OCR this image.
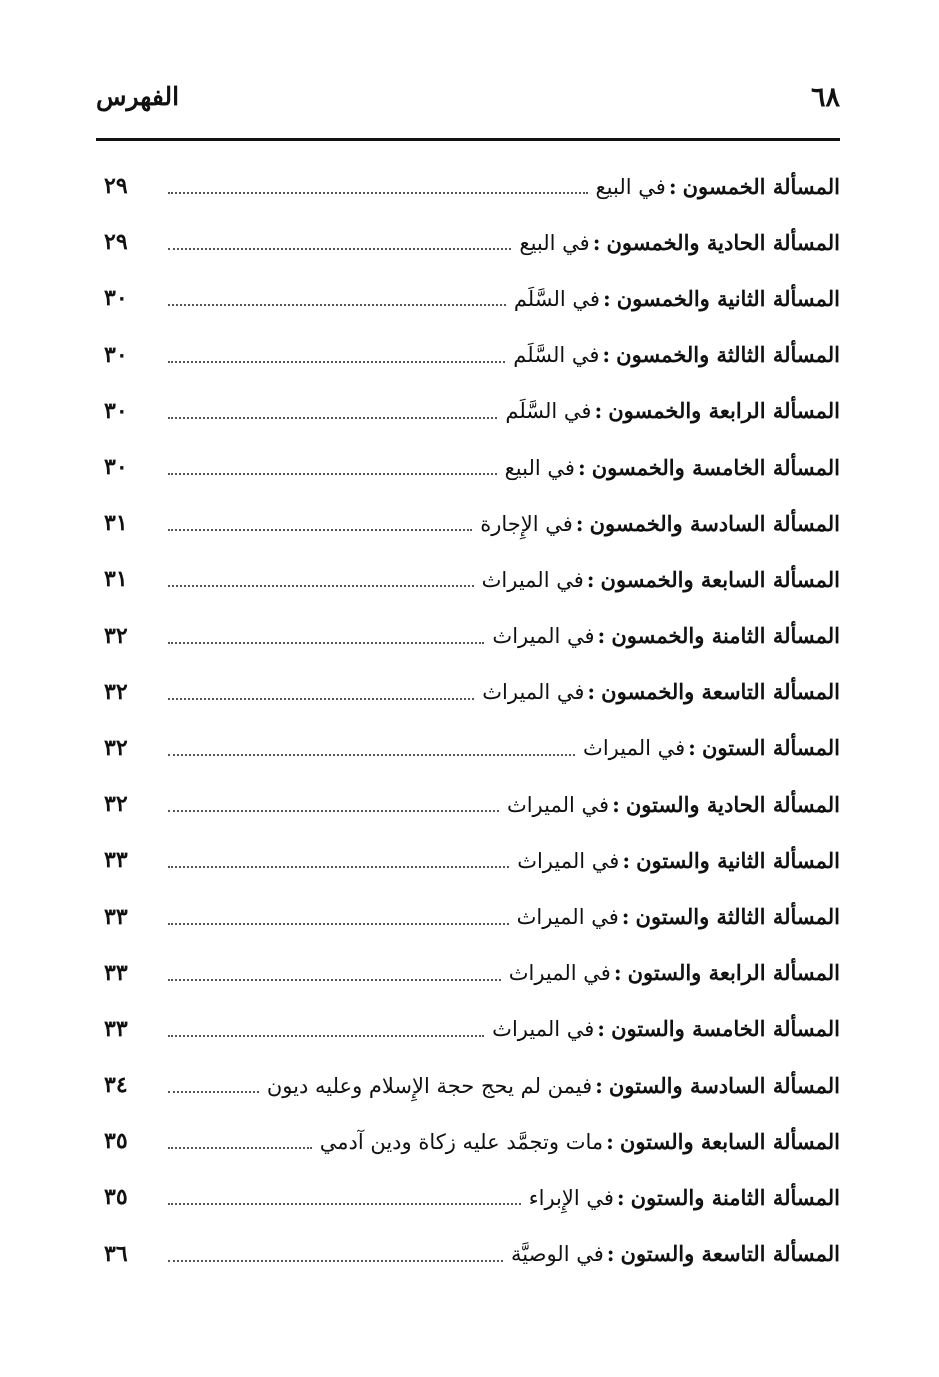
الفهرس	٦٨
المسألة الخمسون:في البيع
٢٩
المسألة الحادية والخمسون:في البيع
٢٩
المسألة الثانية والخمسون:في السَّلَم
٣٠
المسألة الثالثة والخمسون:في السَّلَم
٣٠
المسألة الرابعة والخمسون:في السَّلَم
٣٠
المسألة الخامسة والخمسون:في البيع
٣٠
المسألة السادسة والخمسون:في الإِجارة
٣١
المسألة السابعة والخمسون:في الميراث
٣١
المسألة الثامنة والخمسون:في الميراث
٣٢
المسألة التاسعة والخمسون:في الميراث
٣٢
المسألة الستون:في الميراث
٣٢
المسألة الحادية والستون:في الميراث
٣٢
المسألة الثانية والستون:في الميراث
٣٣
المسألة الثالثة والستون:في الميراث
٣٣
المسألة الرابعة والستون:في الميراث
٣٣
المسألة الخامسة والستون:في الميراث
٣٣
المسألة السادسة والستون:فيمن لم يحج حجة الإِسلام وعليه ديون
٣٤
المسألة السابعة والستون:مات وتجمَّد عليه زكاة ودين آدمي
٣٥
المسألة الثامنة والستون:في الإِبراء
٣٥
المسألة التاسعة والستون:في الوصيَّة
٣٦
